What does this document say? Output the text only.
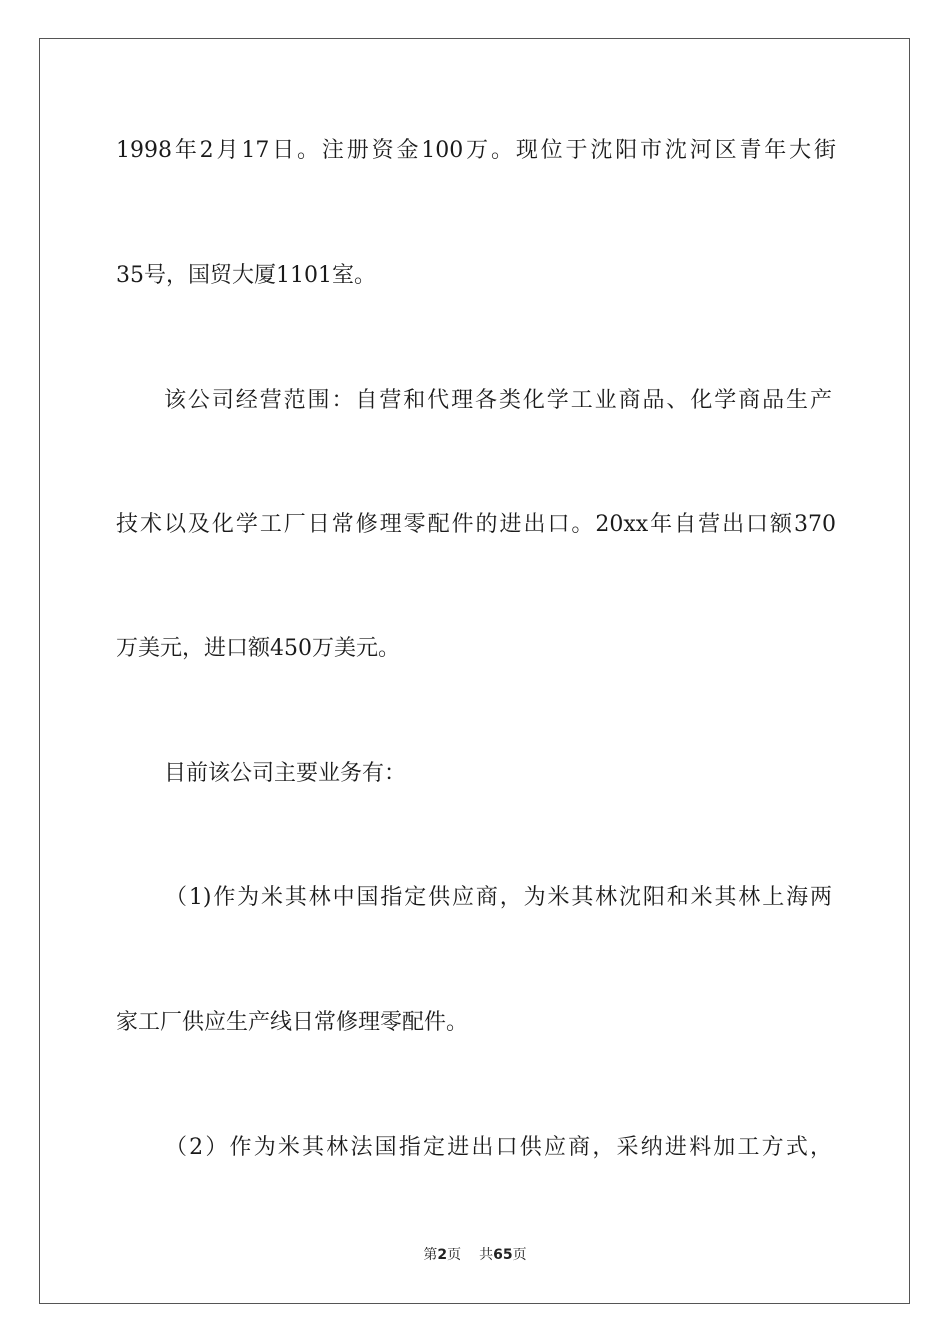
1998年2月17日。注册资金100万。现位于沈阳市沈河区青年大街
35号，国贸大厦1101室。
该公司经营范围：自营和代理各类化学工业商品、化学商品生产
技术以及化学工厂日常修理零配件的进出口。20xx年自营出口额370
万美元，进口额450万美元。
目前该公司主要业务有：
（1)作为米其林中国指定供应商，为米其林沈阳和米其林上海两
家工厂供应生产线日常修理零配件。
（2）作为米其林法国指定进出口供应商，采纳进料加工方式，
第2页 共65页
